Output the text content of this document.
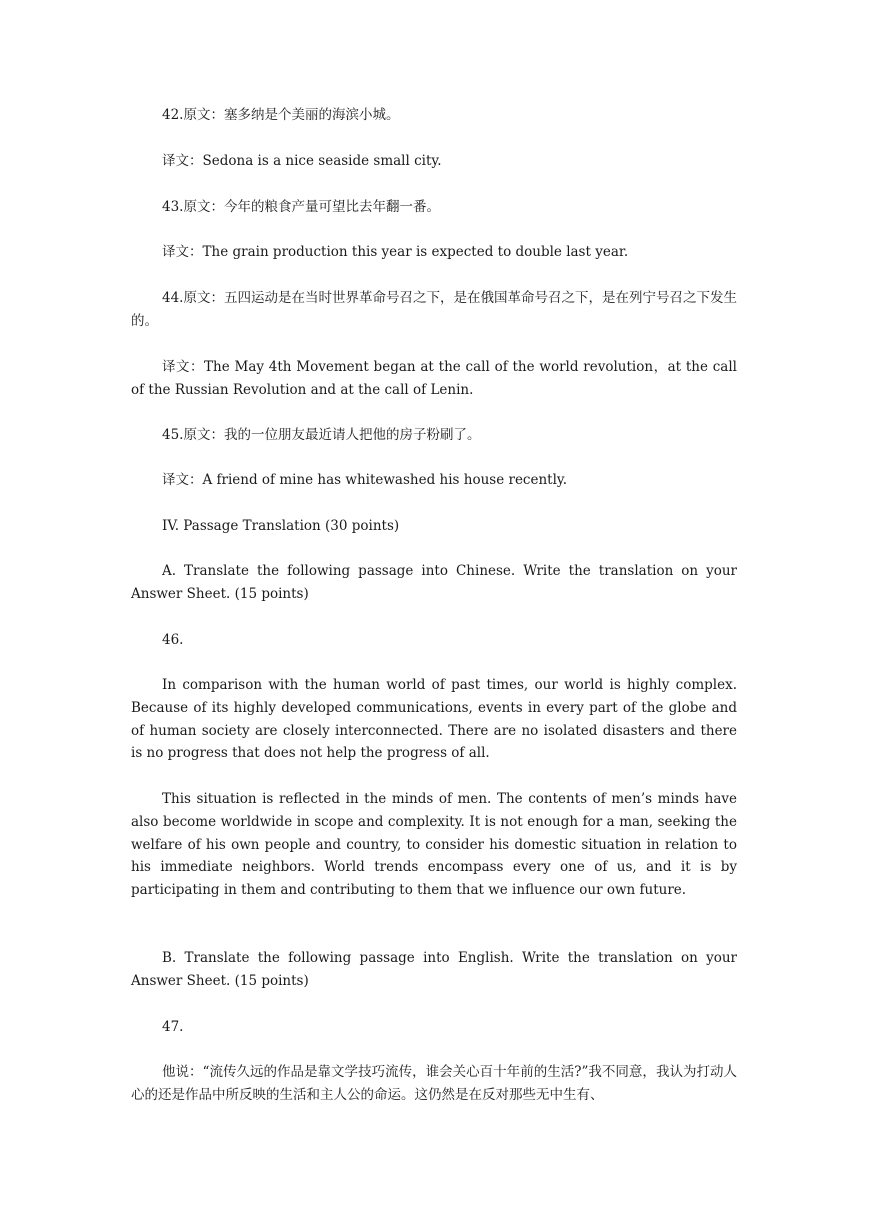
42.原文：塞多纳是个美丽的海滨小城。

译文：Sedona is a nice seaside small city.

43.原文：今年的粮食产量可望比去年翻一番。

译文：The grain production this year is expected to double last year.

44.原文：五四运动是在当时世界革命号召之下，是在俄国革命号召之下，是在列宁号召之下发生的。

译文：The May 4th Movement began at the call of the world revolution，at the call of the Russian Revolution and at the call of Lenin.

45.原文：我的一位朋友最近请人把他的房子粉刷了。

译文：A friend of mine has whitewashed his house recently.

IV. Passage Translation (30 points)

A. Translate the following passage into Chinese. Write the translation on your Answer Sheet. (15 points)

46.

In comparison with the human world of past times, our world is highly complex. Because of its highly developed communications, events in every part of the globe and of human society are closely interconnected. There are no isolated disasters and there is no progress that does not help the progress of all.

This situation is reflected in the minds of men. The contents of men’s minds have also become worldwide in scope and complexity. It is not enough for a man, seeking the welfare of his own people and country, to consider his domestic situation in relation to his immediate neighbors. World trends encompass every one of us, and it is by participating in them and contributing to them that we influence our own future.

B. Translate the following passage into English. Write the translation on your Answer Sheet. (15 points)

47.

他说：“流传久远的作品是靠文学技巧流传，谁会关心百十年前的生活?”我不同意，我认为打动人心的还是作品中所反映的生活和主人公的命运。这仍然是在反对那些无中生有、
